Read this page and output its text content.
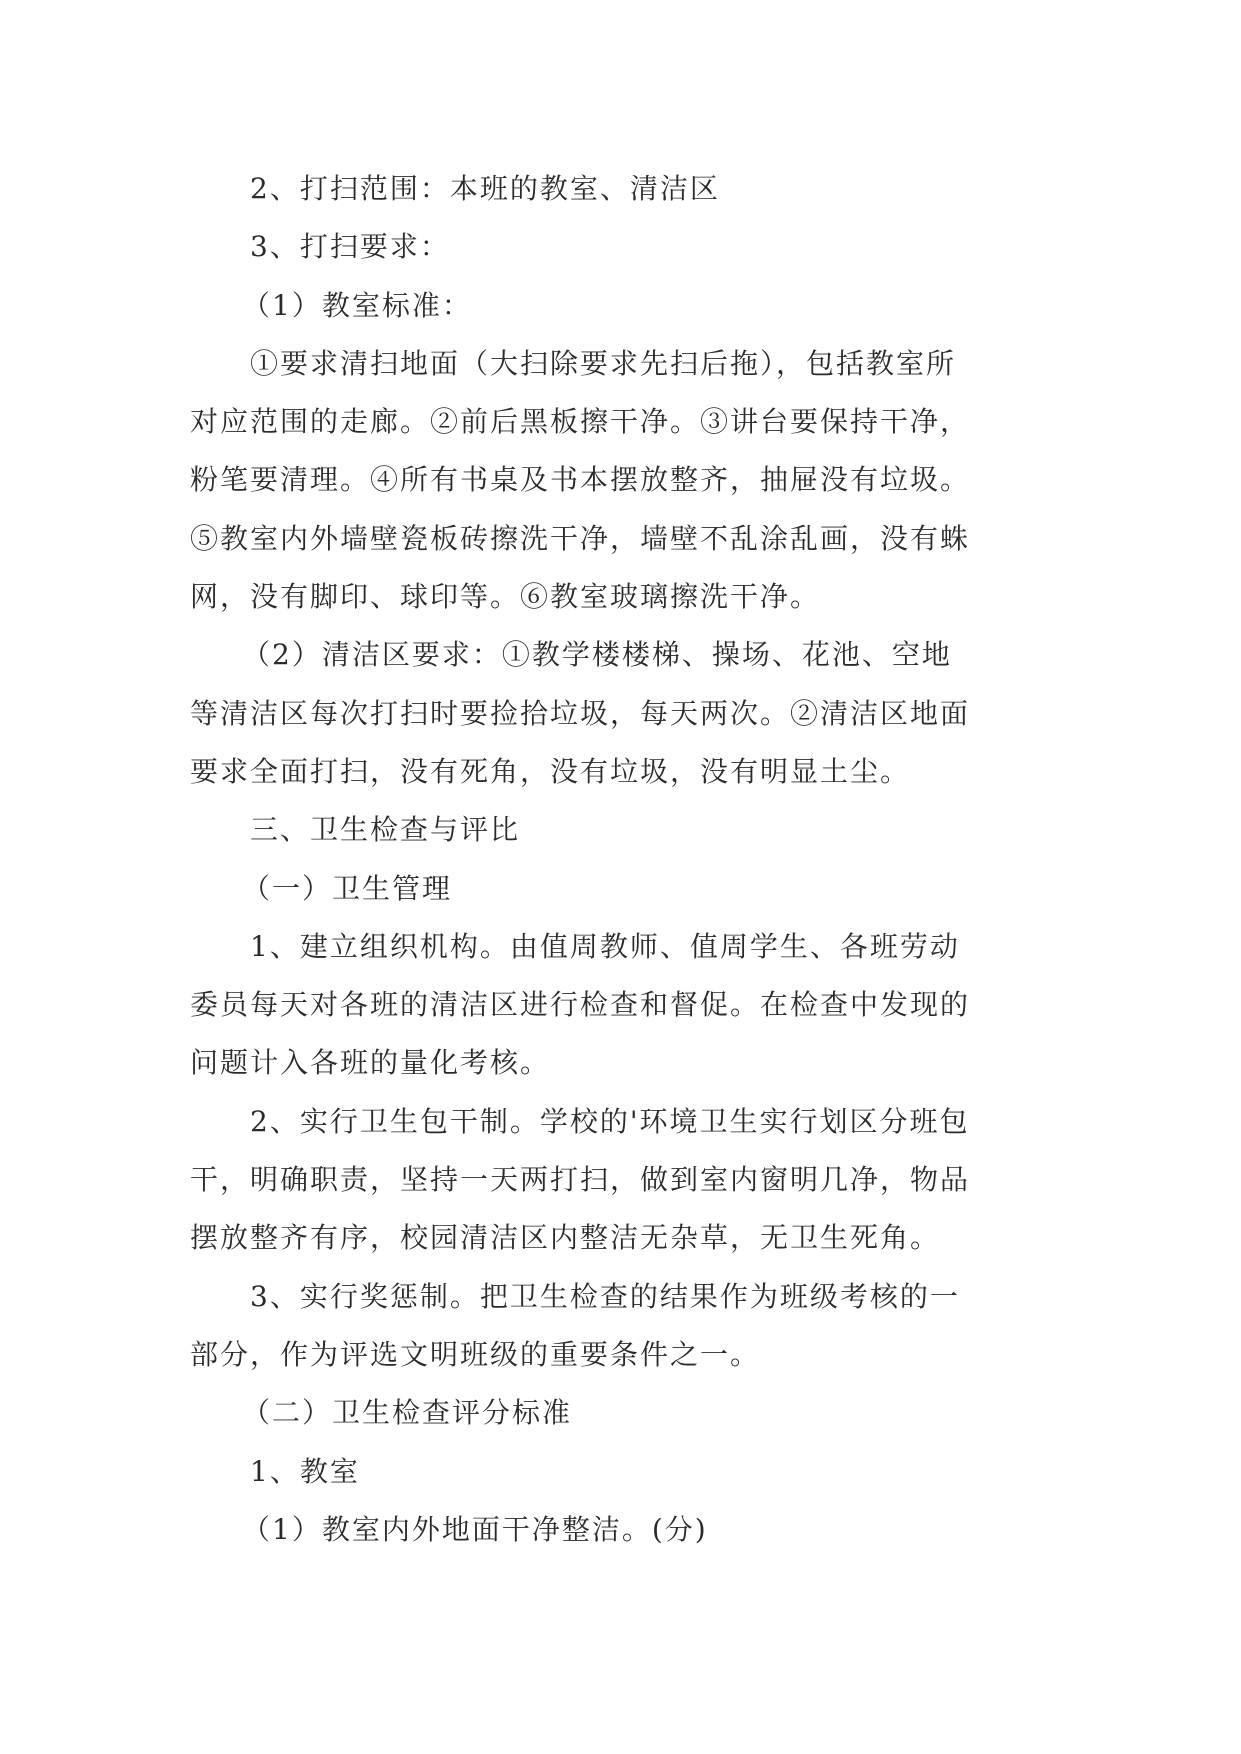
2、打扫范围：本班的教室、清洁区
3、打扫要求：
（1）教室标准：
①要求清扫地面（大扫除要求先扫后拖），包括教室所
对应范围的走廊。②前后黑板擦干净。③讲台要保持干净，
粉笔要清理。④所有书桌及书本摆放整齐，抽屉没有垃圾。
⑤教室内外墙壁瓷板砖擦洗干净，墙壁不乱涂乱画，没有蛛
网，没有脚印、球印等。⑥教室玻璃擦洗干净。
（2）清洁区要求：①教学楼楼梯、操场、花池、空地
等清洁区每次打扫时要捡拾垃圾，每天两次。②清洁区地面
要求全面打扫，没有死角，没有垃圾，没有明显土尘。
三、卫生检查与评比
（一）卫生管理
1、建立组织机构。由值周教师、值周学生、各班劳动
委员每天对各班的清洁区进行检查和督促。在检查中发现的
问题计入各班的量化考核。
2、实行卫生包干制。学校的'环境卫生实行划区分班包
干，明确职责，坚持一天两打扫，做到室内窗明几净，物品
摆放整齐有序，校园清洁区内整洁无杂草，无卫生死角。
3、实行奖惩制。把卫生检查的结果作为班级考核的一
部分，作为评选文明班级的重要条件之一。
（二）卫生检查评分标准
1、教室
（1）教室内外地面干净整洁。(分)
